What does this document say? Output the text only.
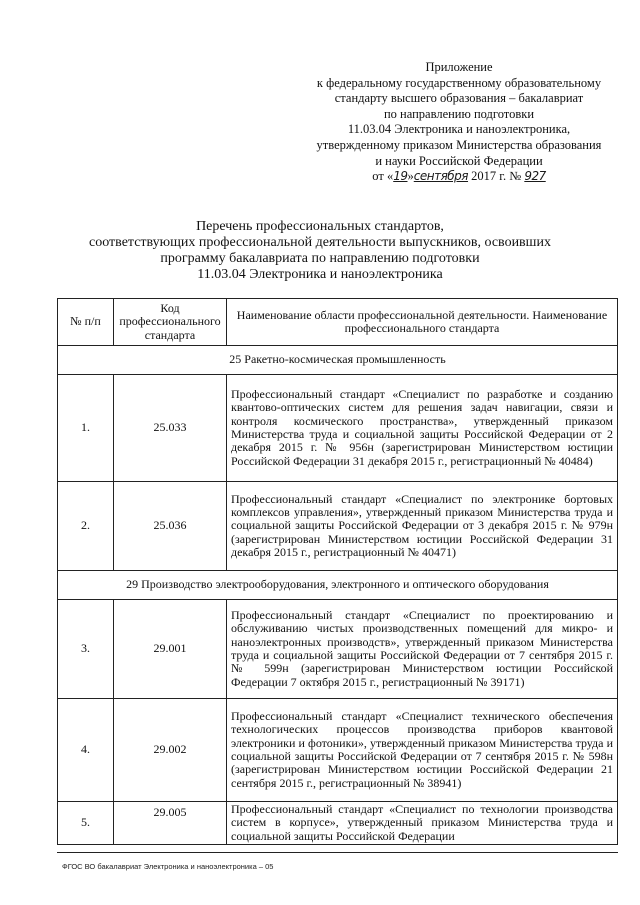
Приложение
к федеральному государственному образовательному
стандарту высшего образования – бакалавриат
по направлению подготовки
11.03.04 Электроника и наноэлектроника,
утвержденному приказом Министерства образования
и науки Российской Федерации
от «19»сентября 2017 г. № 927
Перечень профессиональных стандартов,
соответствующих профессиональной деятельности выпускников, освоивших
программу бакалавриата по направлению подготовки
11.03.04 Электроника и наноэлектроника
№ п/п	Код профессионального стандарта	Наименование области профессиональной деятельности. Наименование профессионального стандарта
25 Ракетно-космическая промышленность		
1.	25.033	Профессиональный стандарт «Специалист по разработке и созданию квантово-оптических систем для решения задач навигации, связи и контроля космического пространства», утвержденный приказом Министерства труда и социальной защиты Российской Федерации от 2 декабря 2015 г. № 956н (зарегистрирован Министерством юстиции Российской Федерации 31 декабря 2015 г., регистрационный № 40484)
2.	25.036	Профессиональный стандарт «Специалист по электронике бортовых комплексов управления», утвержденный приказом Министерства труда и социальной защиты Российской Федерации от 3 декабря 2015 г. № 979н (зарегистрирован Министерством юстиции Российской Федерации 31 декабря 2015 г., регистрационный № 40471)
29 Производство электрооборудования, электронного и оптического оборудования		
3.	29.001	Профессиональный стандарт «Специалист по проектированию и обслуживанию чистых производственных помещений для микро- и наноэлектронных производств», утвержденный приказом Министерства труда и социальной защиты Российской Федерации от 7 сентября 2015 г. № 599н (зарегистрирован Министерством юстиции Российской Федерации 7 октября 2015 г., регистрационный № 39171)
4.	29.002	Профессиональный стандарт «Специалист технического обеспечения технологических процессов производства приборов квантовой электроники и фотоники», утвержденный приказом Министерства труда и социальной защиты Российской Федерации от 7 сентября 2015 г. № 598н (зарегистрирован Министерством юстиции Российской Федерации 21 сентября 2015 г., регистрационный № 38941)
5.	29.005	Профессиональный стандарт «Специалист по технологии производства систем в корпусе», утвержденный приказом Министерства труда и социальной защиты Российской Федерации
ФГОС ВО бакалавриат Электроника и наноэлектроника – 05
